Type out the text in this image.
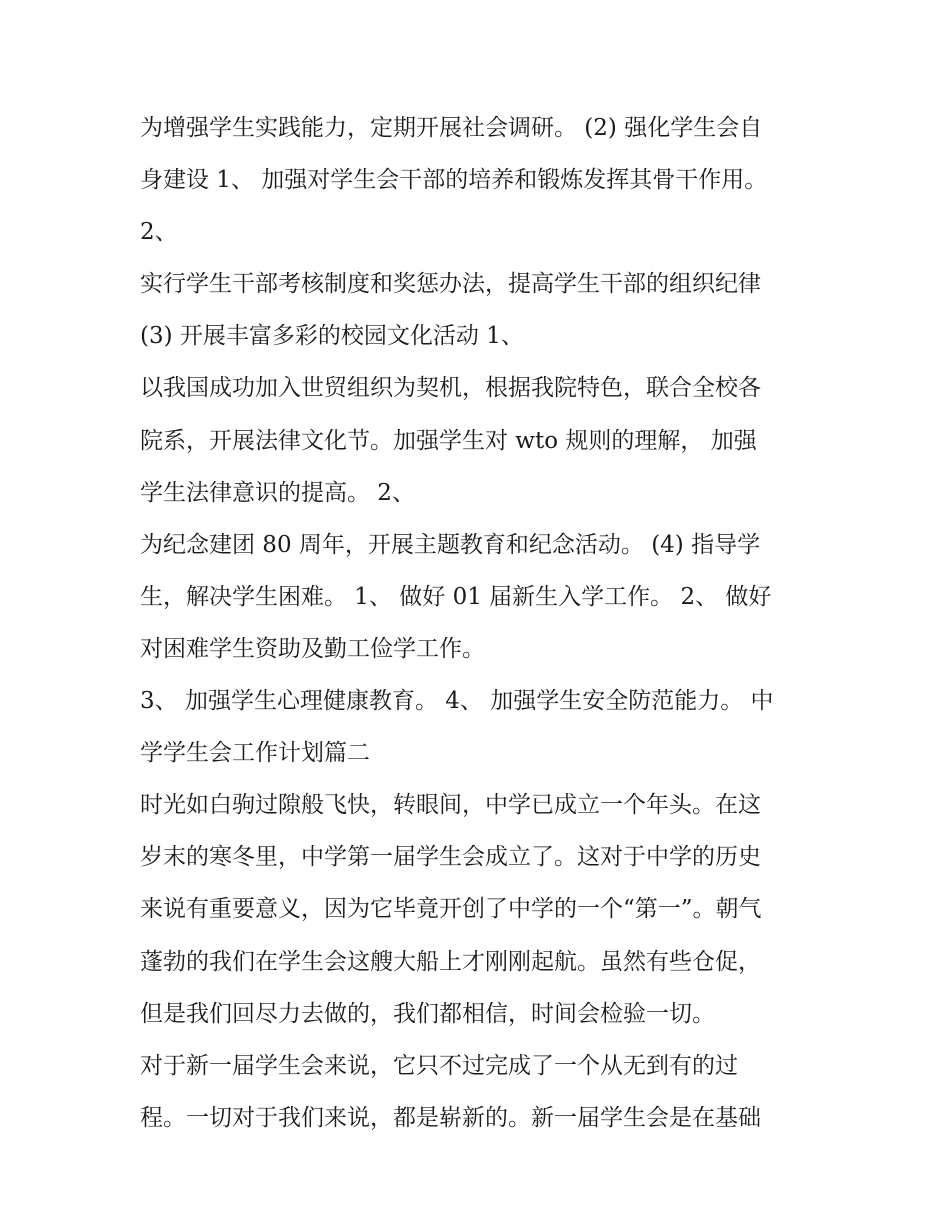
为增强学生实践能力，定期开展社会调研。 (2) 强化学生会自
身建设 1、 加强对学生会干部的培养和锻炼发挥其骨干作用。
2、
实行学生干部考核制度和奖惩办法，提高学生干部的组织纪律
(3) 开展丰富多彩的校园文化活动 1、
以我国成功加入世贸组织为契机，根据我院特色，联合全校各
院系，开展法律文化节。加强学生对 wto 规则的理解， 加强
学生法律意识的提高。 2、
为纪念建团 80 周年，开展主题教育和纪念活动。 (4) 指导学
生，解决学生困难。 1、 做好 01 届新生入学工作。 2、 做好
对困难学生资助及勤工俭学工作。
3、 加强学生心理健康教育。 4、 加强学生安全防范能力。 中
学学生会工作计划篇二
时光如白驹过隙般飞快，转眼间，中学已成立一个年头。在这
岁末的寒冬里，中学第一届学生会成立了。这对于中学的历史
来说有重要意义，因为它毕竟开创了中学的一个“第一”。朝气
蓬勃的我们在学生会这艘大船上才刚刚起航。虽然有些仓促，
但是我们回尽力去做的，我们都相信，时间会检验一切。
对于新一届学生会来说，它只不过完成了一个从无到有的过
程。一切对于我们来说，都是崭新的。新一届学生会是在基础
